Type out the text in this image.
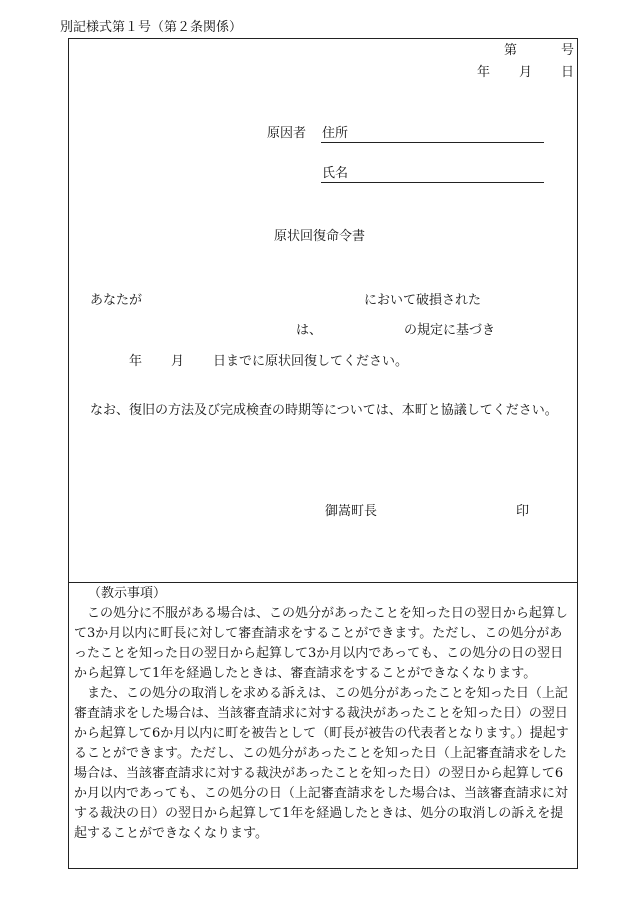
別記様式第１号（第２条関係）
第	号
年 月 日
原因者 住所
氏名
原状回復命令書
あなたが	において破損された
は、	の規定に基づき
年 月 日までに原状回復してください。
なお、復旧の方法及び完成検査の時期等については、本町と協議してください。
御嵩町長	印
（教示事項）

この処分に不服がある場合は、この処分があったことを知った日の翌日から起算して3か月以内に町長に対して審査請求をすることができます。ただし、この処分があったことを知った日の翌日から起算して3か月以内であっても、この処分の日の翌日から起算して1年を経過したときは、審査請求をすることができなくなります。

また、この処分の取消しを求める訴えは、この処分があったことを知った日（上記審査請求をした場合は、当該審査請求に対する裁決があったことを知った日）の翌日から起算して6か月以内に町を被告として（町長が被告の代表者となります。）提起することができます。ただし、この処分があったことを知った日（上記審査請求をした場合は、当該審査請求に対する裁決があったことを知った日）の翌日から起算して6か月以内であっても、この処分の日（上記審査請求をした場合は、当該審査請求に対する裁決の日）の翌日から起算して1年を経過したときは、処分の取消しの訴えを提起することができなくなります。
